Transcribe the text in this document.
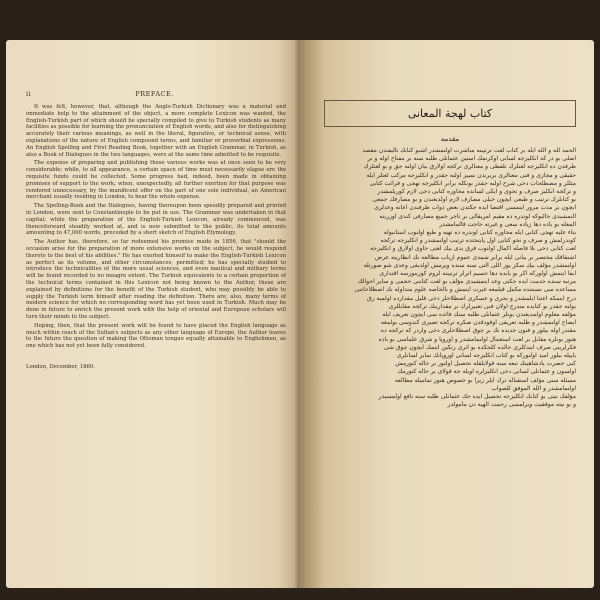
ii	PREFACE.

It was felt, however, that, although the Anglo-Turkish Dictionary was a material and immediate help to the attainment of the object, a more complete Lexicon was wanted, the English-Turkish part of which should be specially compiled to give to Turkish students as many facilities as possible for learning the pronunciation of English words, and also for distinguishing accurately their various meanings, as well in the literal, figurative, or technical sense, with explanations of the nature of English compound terms, and familiar or proverbial expressions. An English Spelling and First Reading Book, together with an English Grammar, in Turkish, as also a Book of Dialogues in the two languages, were at the same time admitted to be requisite.

The expense of preparing and publishing these various works was at once seen to be very considerable; while, to all appearance, a certain space of time must necessarily elapse ere the requisite funds could be collected. Some progress had, indeed, been made in obtaining promises of support to the work; when, unexpectedly, all further exertion for that purpose was rendered unnecessary, by the munificent offer on the part of one sole individual, an American merchant usually residing in London, to bear the whole expense.

The Spelling-Book and the Dialogues, having thereupon been speedily prepared and printed in London, were sent to Constantinople to be put in use. The Grammar was undertaken in that capital; while the preparation of the English-Turkish Lexicon, already commenced, was thenceforward steadily worked at, and is now submitted to the public, its total amounts amounting to 47,000 words, preceded by a short sketch of English Etymology.

The Author has, therefore, so far redeemed his promise made in 1856, that "should the occasion arise for the preparation of more extensive works on the subject, he would respond thereto to the best of his abilities." He has exerted himself to make the English-Turkish Lexicon as perfect as its volume, and other circumstances, permitted; he has specially studied to introduce the technicalities of the more usual sciences, and even nautical and military terms will be found recorded to no meagre extent. The Turkish equivalents to a certain proportion of the technical terms contained in this Lexicon not being known to the Author, these are explained by definitions for the benefit of the Turkish student, who may possibly be able to supply the Turkish term himself after reading the definition. There are, also, many terms of modern science for which no corresponding word has yet been used in Turkish. Much may be done in future to enrich the present work with the help of oriental and European scholars will turn their minds to the subject.

Hoping, then, that the present work will be found to have placed the English language as much within reach of the Sultan's subjects as any other language of Europe, the Author leaves to the future the question of making the Ottoman tongue equally attainable to Englishmen, as one which has not yet been fully considered.

London, December, 1860.
كتاب لهجة المعانى
مقدمه
الحمد لله و الله ايله بر كتاب لغت ترتيبنه مباشرت اولنمشدر اشبو كتابك تأليفندن مقصد
اصلى بو در كه انكليزجه لسانى اوكرنمك استين عثمانلى طلبه سنه بر مفتاح اوله و بر
طرفدن ده انكليزجه لغتلرك تلفظى و معنالرى تركجه اولارق بيان اولنه جق و بو لغتلرك
حقيقى و مجازى و فنى معنالرى بربرندن تمييز اولنه جقدر و انكليزجه مركب لغتلر ايله
مثللر و مصطلحات دخى شرح اولنه جقدر بونكله برابر انكليزجه تهجى و قرائت كتابى
و تركجه انكليز صرف و نحوى و ايكى لسانده محاوره كتابى دخى لازم كوريلمشدر
بو كتابلرك ترتيب و طبعى ايچون خيلى مصارف لازم اولديغندن و بو مصارفك جمعى
ايچون بر مدت مرور ايتمسى اقتضا ايده جكندن بعض ذوات طرفندن اعانه وعدلرى
آلنمشيدى حالبوكه لوندره ده مقيم امريقالى بر تاجر جميع مصارفى كندى اوزرينه
آلمغله بو باده دها زياده سعى و غيرته حاجت قالمامشدر
بناء عليه تهجى كتابى ايله محاوره كتابى لوندره ده تهيه و طبع اولنوب استانبوله
كوندرلمش و صرف و نحو كتابى اول پايتختده ترتيب اولنمشدر و انكليزجه تركجه
لغت كتابى دخى بلا فاصله اكمال اولنوب قرق يدى بيك لغتى حاوى اولارق و انكليزجه
اشتقاقك مختصر بر بيانى ايله برابر شمدى عموم ارباب مطالعه نك انظارينه عرض
اولنمشدر مؤلف بيك سكز يوز اللى آلتى سنه سنده ويرمش اولديغى وعدى شو صورتله
ايفا ايتمش اولوركه اكر بو بابده دها جسيم اثرلر ترتيبنه لزوم كورينورسه اقتدارى
مرتبه سنده خدمت ايده جكنى وعد ايتمشيدى مؤلف بو لغت كتابنى حجمى و ساير احوالك
مساعده سى نسبتنده مكمل قيلمغه غيرت ايتمش و بالخاصه علوم متداوله نك اصطلاحاتنى
درج ايتمكه اعتنا ايلمشدر و بحرى و عسكرى اصطلاحلر دخى قليل مقدارده اولميه رق
بولنه جقدر بو كتابده مندرج اولان فنى تعبيرلرك بر مقدارينك تركجه مقابللرى
مؤلفه معلوم اولمديغندن بونلر عثمانلى طلبه سنك فائده سى ايچون تعريف ايله
ايضاح اولنمشدر و طلبه تعريفى اوقودقدن صكره تركجه تعبيرى كندوسى بولمغه
مقتدر اوله بيلور و فنون جديده نك بر چوق اصطلاحلرى دخى واردر كه تركجه ده
هنوز بونلره مقابل بر لغت استعمال اولنمامشدر و اوروپا و شرق علماسى بو باده
فكرلرينى صرف ايتدكلرى حالده كلجكده بو اثرى زنكين ايتمك ايچون چوق شى
ياپيله بيلور اميد اولنوركه بو كتاب انكليزجه لسانى اوروپانك ساير لسانلرى
كبى حضرت پادشاهينك تبعه سنه قولايلقله تحصيل اولنور بر حاله كتورمش
اولسون و عثمانلى لسانى دخى انكليزلره اويله جه قولاى بر حاله كتورمك
مسئله سنى مؤلف استقباله ترك ايلر زيرا بو خصوص هنوز تماميله مطالعه
اولنمامشدر و الله الموفق للصواب
مؤلفك نيتى بو كتابك انكليزجه تحصيل ايده جك عثمانلى طلبه سنه نافع اولمسيدر
و بو نيته موفقيت ويرلمسى رحمت الهيه دن مأمولدر
